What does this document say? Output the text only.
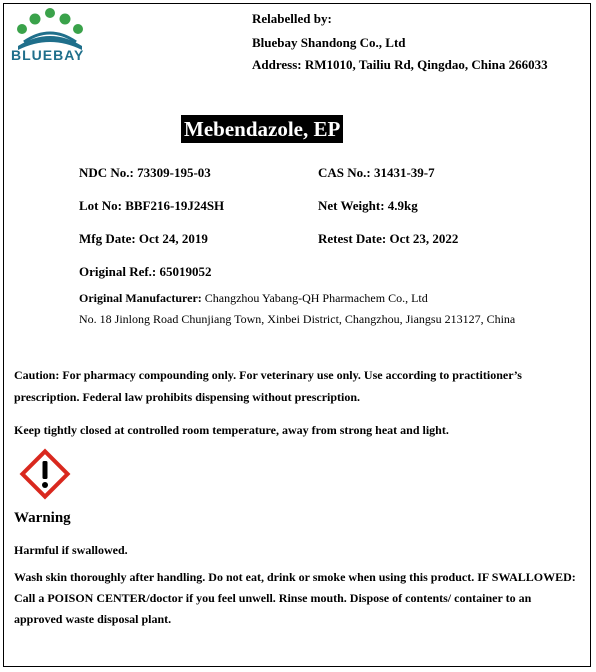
BLUEBAY
Relabelled by:
Bluebay Shandong Co., Ltd
Address: RM1010, Tailiu Rd, Qingdao, China 266033
Mebendazole, EP
NDC No.: 73309-195-03	CAS No.: 31431-39-7
Lot No: BBF216-19J24SH	Net Weight: 4.9kg
Mfg Date: Oct 24, 2019	Retest Date: Oct 23, 2022
Original Ref.: 65019052
Original Manufacturer: Changzhou Yabang-QH Pharmachem Co., Ltd
No. 18 Jinlong Road Chunjiang Town, Xinbei District, Changzhou, Jiangsu 213127, China
Caution: For pharmacy compounding only. For veterinary use only. Use according to practitioner’s
prescription. Federal law prohibits dispensing without prescription.
Keep tightly closed at controlled room temperature, away from strong heat and light.
Warning
Harmful if swallowed.
Wash skin thoroughly after handling. Do not eat, drink or smoke when using this product. IF SWALLOWED:
Call a POISON CENTER/doctor if you feel unwell. Rinse mouth. Dispose of contents/ container to an
approved waste disposal plant.
